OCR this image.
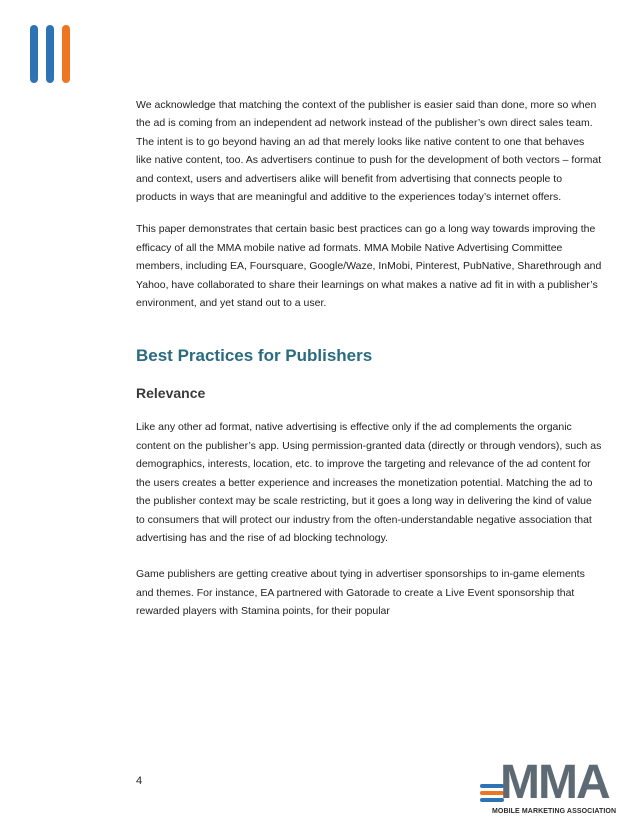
We acknowledge that matching the context of the publisher is easier said than done, more so when the ad is coming from an independent ad network instead of the publisher’s own direct sales team. The intent is to go beyond having an ad that merely looks like native content to one that behaves like native content, too. As advertisers continue to push for the development of both vectors – format and context, users and advertisers alike will benefit from advertising that connects people to products in ways that are meaningful and additive to the experiences today’s internet offers.

This paper demonstrates that certain basic best practices can go a long way towards improving the efficacy of all the MMA mobile native ad formats. MMA Mobile Native Advertising Committee members, including EA, Foursquare, Google/Waze, InMobi, Pinterest, PubNative, Sharethrough and Yahoo, have collaborated to share their learnings on what makes a native ad fit in with a publisher’s environment, and yet stand out to a user.

Best Practices for Publishers
Relevance

Like any other ad format, native advertising is effective only if the ad complements the organic content on the publisher’s app. Using permission-granted data (directly or through vendors), such as demographics, interests, location, etc. to improve the targeting and relevance of the ad content for the users creates a better experience and increases the monetization potential. Matching the ad to the publisher context may be scale restricting, but it goes a long way in delivering the kind of value to consumers that will protect our industry from the often-understandable negative association that advertising has and the rise of ad blocking technology.

Game publishers are getting creative about tying in advertiser sponsorships to in-game elements and themes. For instance, EA partnered with Gatorade to create a Live Event sponsorship that rewarded players with Stamina points, for their popular

4	MMA
MOBILE MARKETING ASSOCIATION
